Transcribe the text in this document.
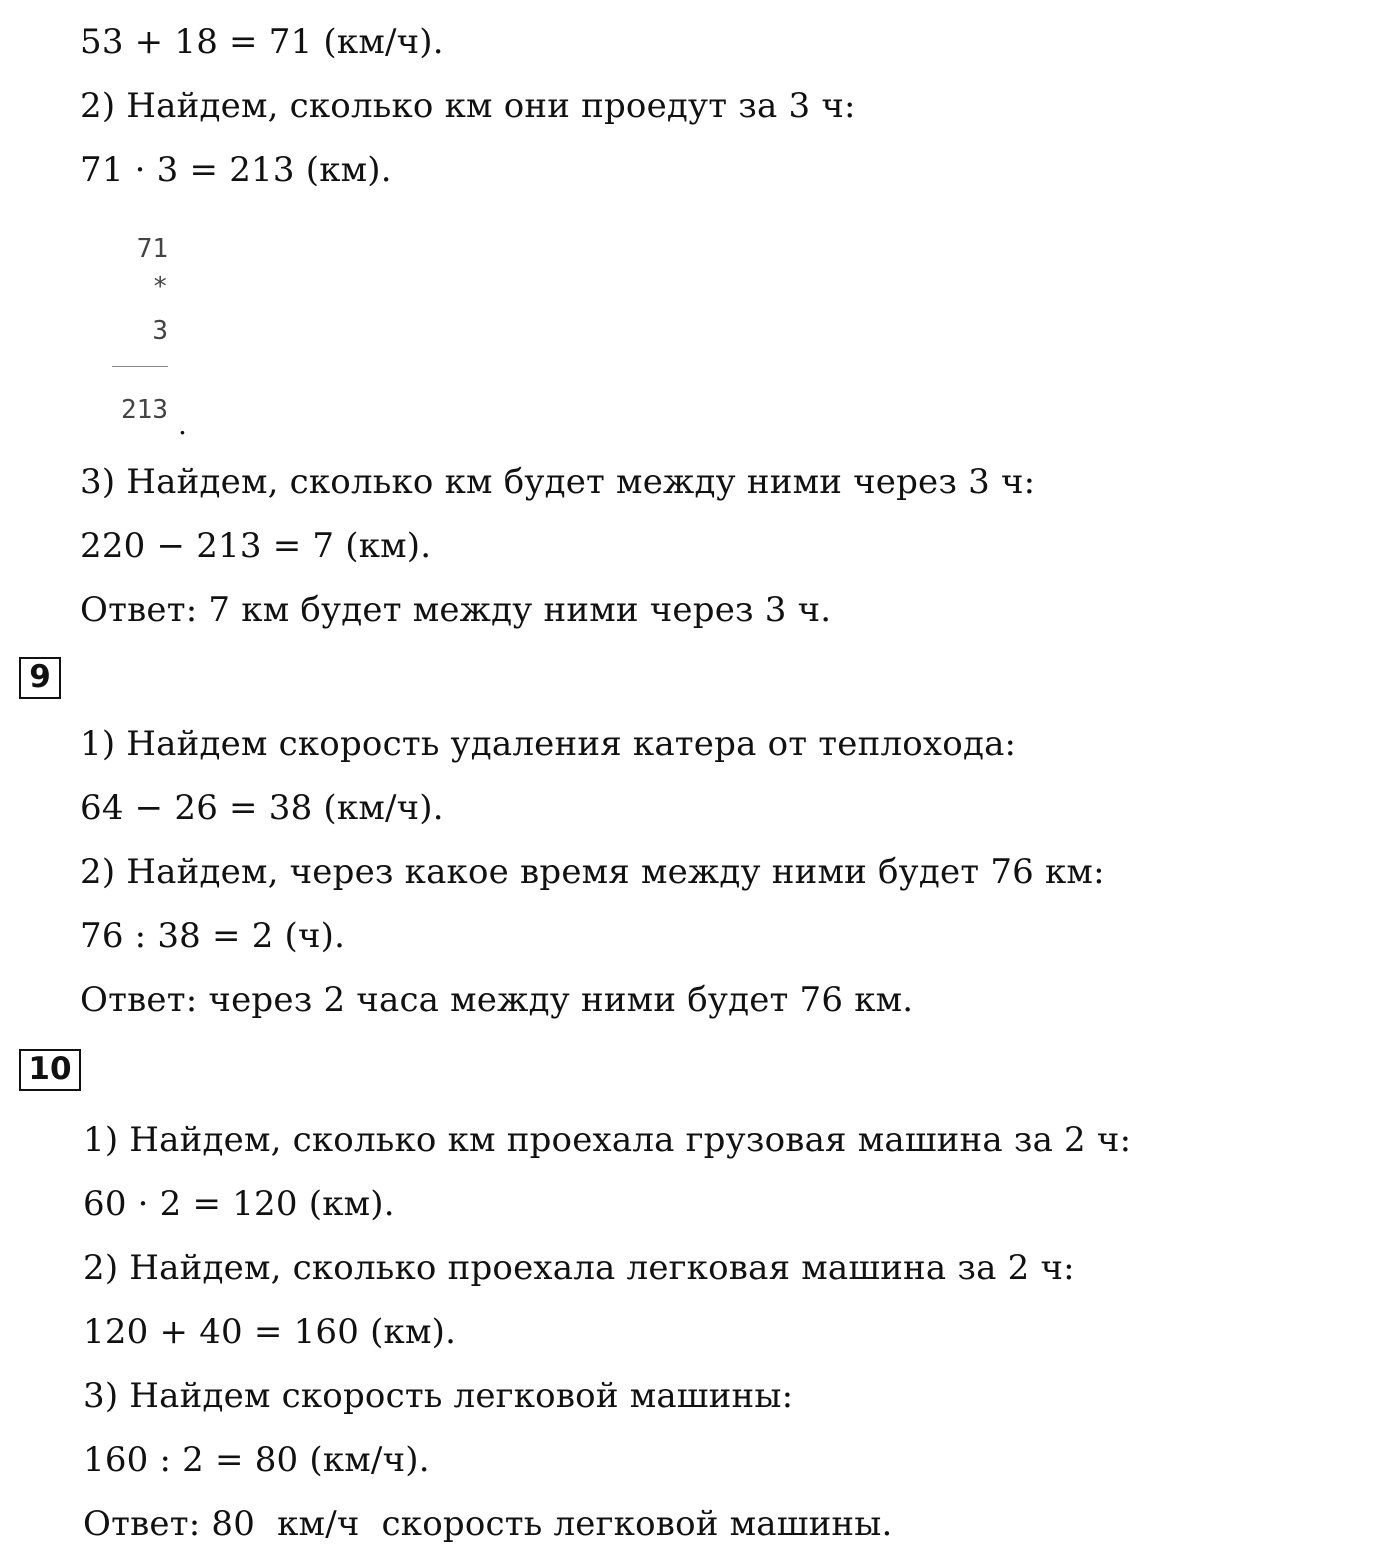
53 + 18 = 71 (км/ч).
2) Найдем, сколько км они проедут за 3 ч:
71 · 3 = 213 (км).
71
*
3
213 .
3) Найдем, сколько км будет между ними через 3 ч:
220 − 213 = 7 (км).
Ответ: 7 км будет между ними через 3 ч.
9
1) Найдем скорость удаления катера от теплохода:
64 − 26 = 38 (км/ч).
2) Найдем, через какое время между ними будет 76 км:
76 : 38 = 2 (ч).
Ответ: через 2 часа между ними будет 76 км.
10
1) Найдем, сколько км проехала грузовая машина за 2 ч:
60 · 2 = 120 (км).
2) Найдем, сколько проехала легковая машина за 2 ч:
120 + 40 = 160 (км).
3) Найдем скорость легковой машины:
160 : 2 = 80 (км/ч).
Ответ: 80  км/ч  скорость легковой машины.
